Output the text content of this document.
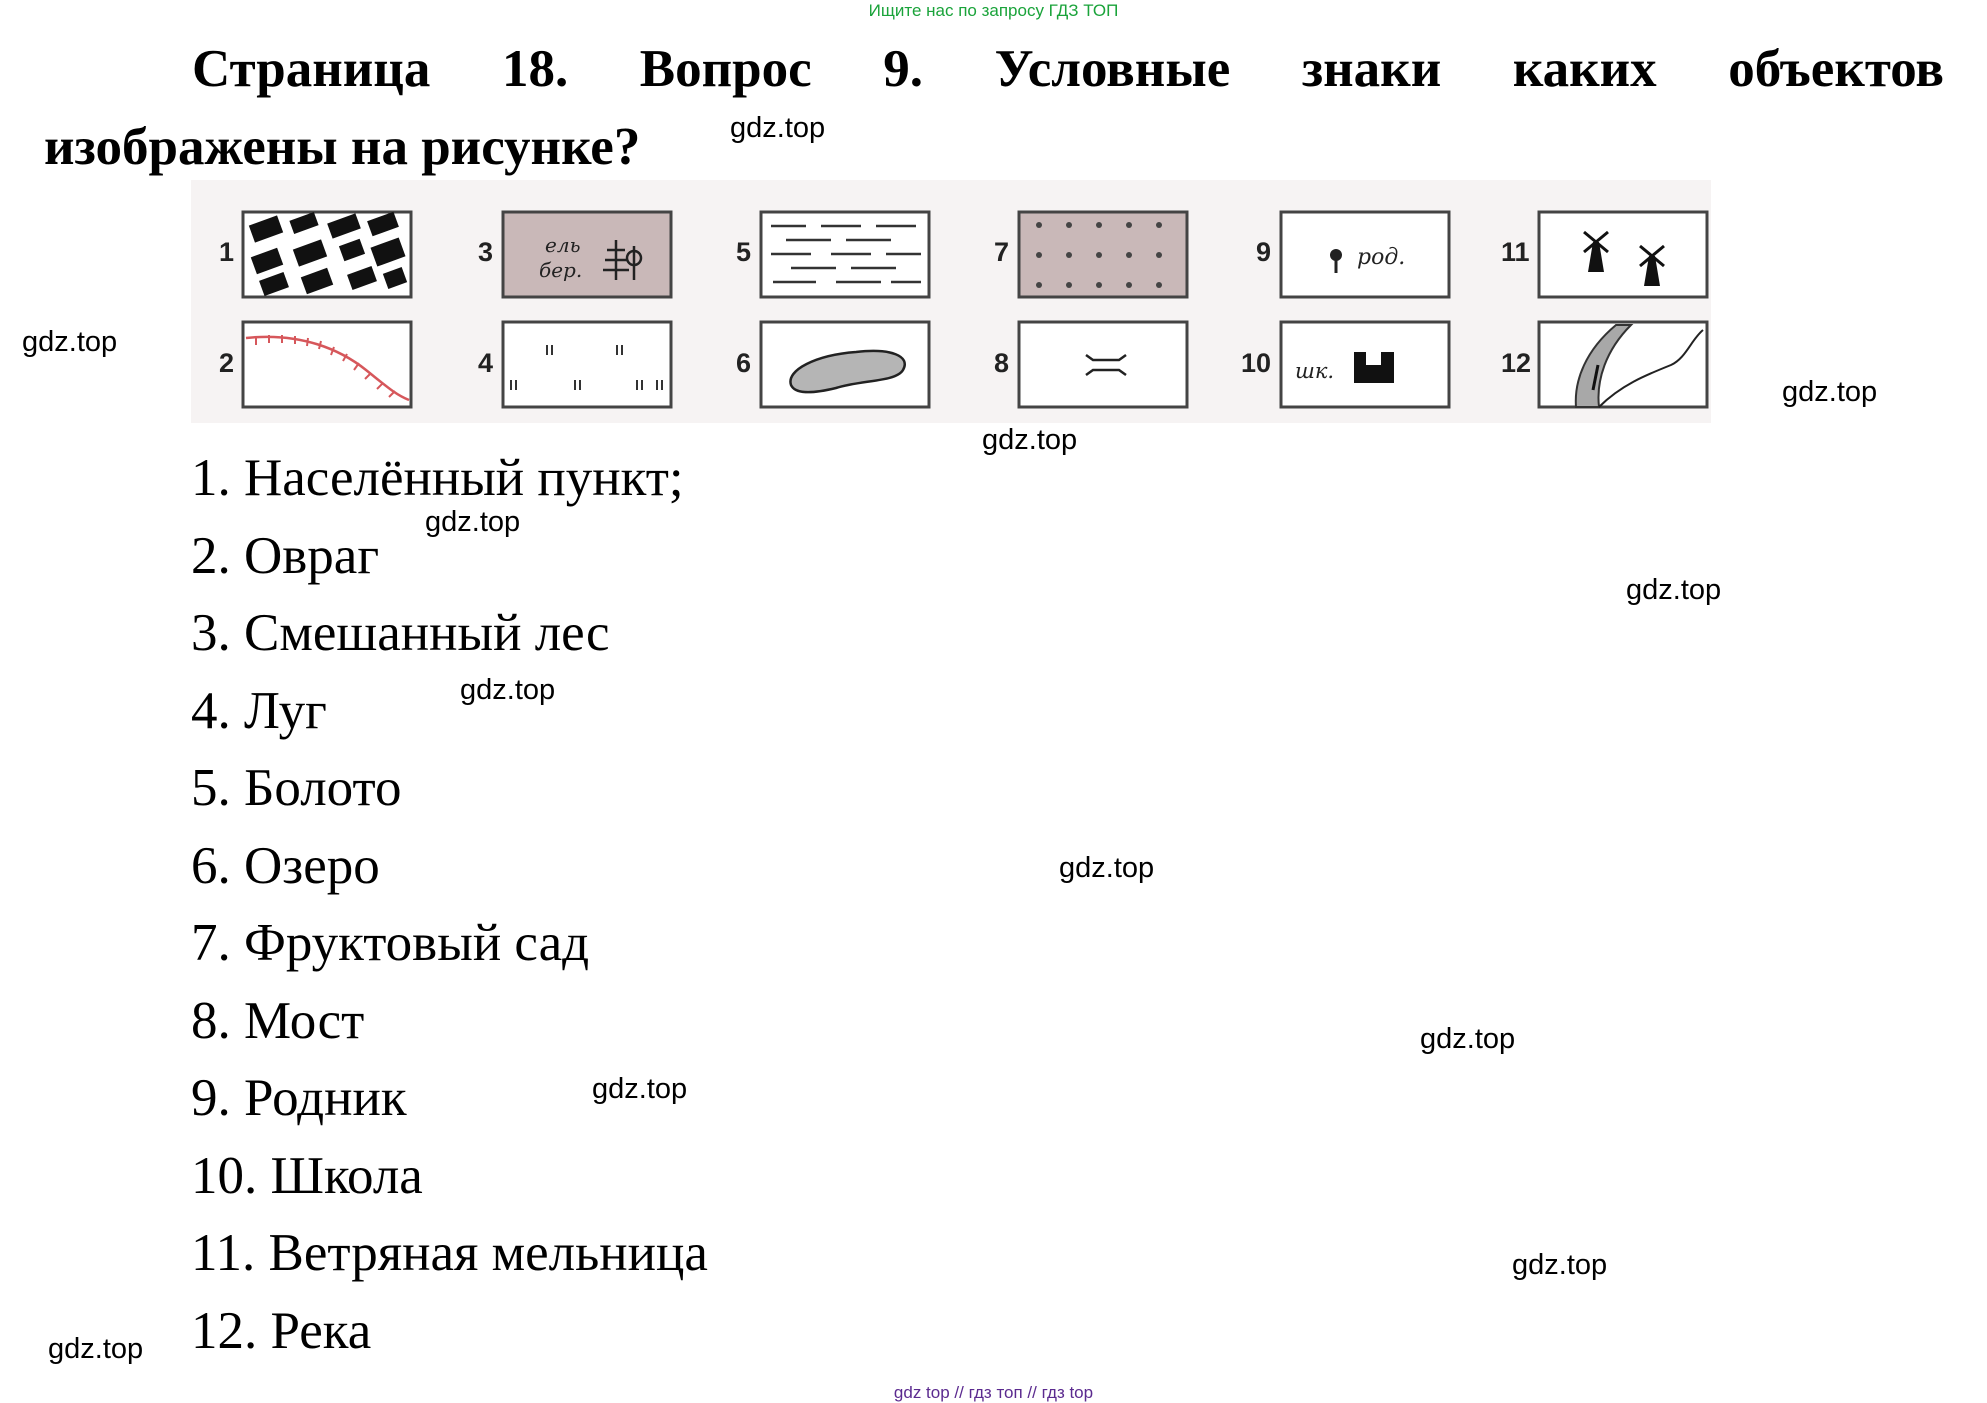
Ищите нас по запросу ГДЗ ТОП
Страница 18. Вопрос 9. Условные знаки каких объектов
изображены на рисунке?
ель
бер.	род.
шк.
1	3	5	7	9	11
2	4	6	8	10	12
1. Населённый пункт;
2. Овраг
3. Смешанный лес
4. Луг
5. Болото
6. Озеро
7. Фруктовый сад
8. Мост
9. Родник
10. Школа
11. Ветряная мельница
12. Река
gdz.top
gdz.top
gdz.top
gdz.top
gdz.top
gdz.top
gdz.top
gdz.top
gdz.top
gdz.top
gdz.top
gdz.top
gdz top // гдз топ // гдз top
